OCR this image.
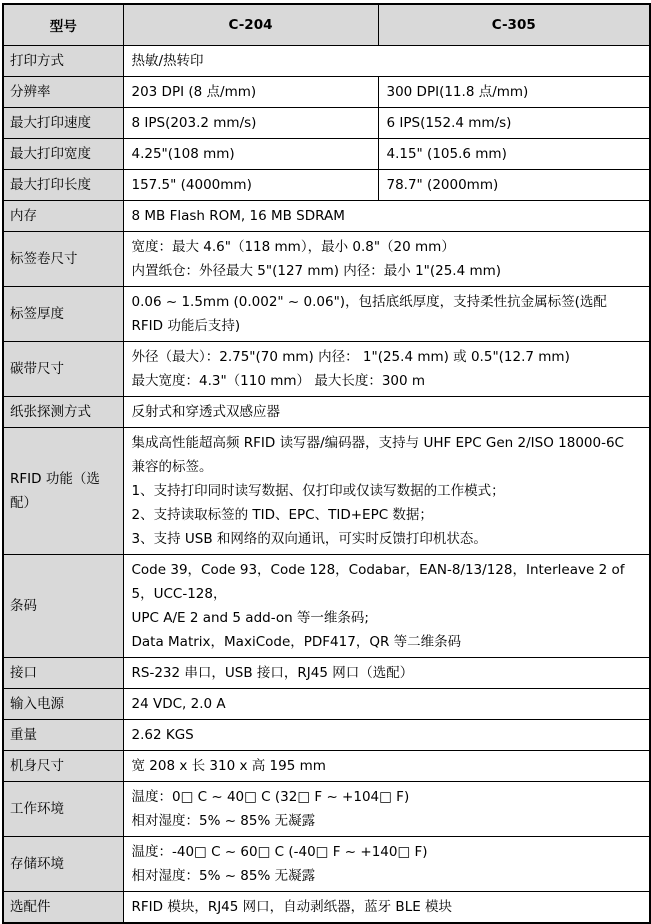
型号	C-204	C-305
打印方式	热敏/热转印	

分辨率	203 DPI (8 点/mm)	300 DPI(11.8 点/mm)

最大打印速度	8 IPS(203.2 mm/s)	6 IPS(152.4 mm/s)

最大打印宽度	4.25"(108 mm)	4.15" (105.6 mm)

最大打印长度	157.5" (4000mm)	78.7" (2000mm)

内存	8 MB Flash ROM, 16 MB SDRAM	

标签卷尺寸	宽度：最大 4.6"（118 mm），最小 0.8"（20 mm）
内置纸仓：外径最大 5"(127 mm) 内径：最小 1"(25.4 mm)	

标签厚度	0.06 ~ 1.5mm (0.002" ~ 0.06")，包括底纸厚度，支持柔性抗金属标签(选配 RFID 功能后支持)	

碳带尺寸	外径（最大）：2.75"(70 mm) 内径： 1"(25.4 mm) 或 0.5"(12.7 mm)
最大宽度：4.3"（110 mm） 最大长度：300 m	

纸张探测方式	反射式和穿透式双感应器	

RFID 功能（选配）	集成高性能超高频 RFID 读写器/编码器，支持与 UHF EPC Gen 2/ISO 18000-6C 兼容的标签。
1、支持打印同时读写数据、仅打印或仅读写数据的工作模式；
2、支持读取标签的 TID、EPC、TID+EPC 数据；
3、支持 USB 和网络的双向通讯，可实时反馈打印机状态。	

条码	Code 39，Code 93，Code 128，Codabar，EAN-8/13/128，Interleave 2 of 5，UCC-128，
UPC A/E 2 and 5 add-on 等一维条码;
Data Matrix，MaxiCode，PDF417，QR 等二维条码	

接口	RS-232 串口，USB 接口，RJ45 网口（选配）	

输入电源	24 VDC, 2.0 A	

重量	2.62 KGS	

机身尺寸	宽 208 x 长 310 x 高 195 mm	

工作环境	温度：0□ C ~ 40□ C (32□ F ~ +104□ F)
相对湿度：5% ~ 85% 无凝露	

存储环境	温度：-40□ C ~ 60□ C (-40□ F ~ +140□ F)
相对湿度：5% ~ 85% 无凝露	

选配件	RFID 模块，RJ45 网口，自动剥纸器，蓝牙 BLE 模块	
